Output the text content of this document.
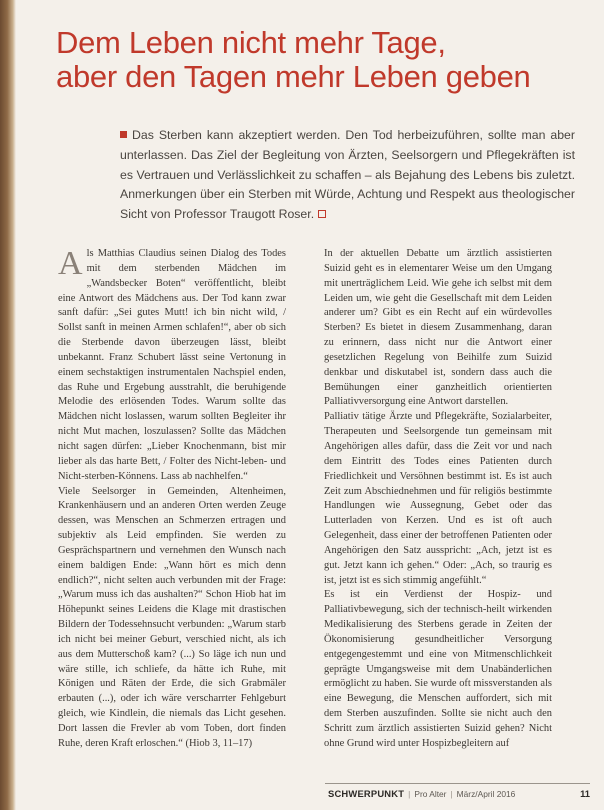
Dem Leben nicht mehr Tage,
aber den Tagen mehr Leben geben
Das Sterben kann akzeptiert werden. Den Tod herbeizuführen, sollte man aber unterlassen. Das Ziel der Begleitung von Ärzten, Seelsorgern und Pflegekräften ist es Vertrauen und Verlässlichkeit zu schaffen – als Bejahung des Lebens bis zuletzt. Anmerkungen über ein Sterben mit Würde, Achtung und Respekt aus theologischer Sicht von Professor Traugott Roser.
A ls Matthias Claudius seinen Dialog des Todes mit dem sterbenden Mädchen im „Wandsbecker Boten“ veröffentlicht, bleibt eine Antwort des Mädchens aus. Der Tod kann zwar sanft dafür: „Sei gutes Mutt! ich bin nicht wild, / Sollst sanft in meinen Armen schlafen!“, aber ob sich die Sterbende davon überzeugen lässt, bleibt unbekannt. Franz Schubert lässt seine Vertonung in einem sechstaktigen instrumentalen Nachspiel enden, das Ruhe und Ergebung ausstrahlt, die beruhigende Melodie des erlösenden Todes. Warum sollte das Mädchen nicht loslassen, warum sollten Begleiter ihr nicht Mut machen, loszulassen? Sollte das Mädchen nicht sagen dürfen: „Lieber Knochenmann, bist mir lieber als das harte Bett, / Folter des Nicht-leben- und Nicht-sterben-Könnens. Lass ab nachhelfen.“

Viele Seelsorger in Gemeinden, Altenheimen, Krankenhäusern und an anderen Orten werden Zeuge dessen, was Menschen an Schmerzen ertragen und subjektiv als Leid empfinden. Sie werden zu Gesprächspartnern und vernehmen den Wunsch nach einem baldigen Ende: „Wann hört es mich denn endlich?“, nicht selten auch verbunden mit der Frage: „Warum muss ich das aushalten?“ Schon Hiob hat im Höhepunkt seines Leidens die Klage mit drastischen Bildern der Todessehnsucht verbunden: „Warum starb ich nicht bei meiner Geburt, verschied nicht, als ich aus dem Mutterschoß kam? (...) So läge ich nun und wäre stille, ich schliefe, da hätte ich Ruhe, mit Königen und Räten der Erde, die sich Grabmäler erbauten (...), oder ich wäre verscharrter Fehlgeburt gleich, wie Kindlein, die niemals das Licht gesehen. Dort lassen die Frevler ab vom Toben, dort finden Ruhe, deren Kraft erloschen.“ (Hiob 3, 11–17)

In der aktuellen Debatte um ärztlich assistierten Suizid geht es in elementarer Weise um den Umgang mit unerträglichem Leid. Wie gehe ich selbst mit dem Leiden um, wie geht die Gesellschaft mit dem Leiden anderer um? Gibt es ein Recht auf ein würdevolles Sterben? Es bietet in diesem Zusammenhang, daran zu erinnern, dass nicht nur die Antwort einer gesetzlichen Regelung von Beihilfe zum Suizid denkbar und diskutabel ist, sondern dass auch die Bemühungen einer ganzheitlich orientierten Palliativversorgung eine Antwort darstellen.

Palliativ tätige Ärzte und Pflegekräfte, Sozialarbeiter, Therapeuten und Seelsorgende tun gemeinsam mit Angehörigen alles dafür, dass die Zeit vor und nach dem Eintritt des Todes eines Patienten durch Friedlichkeit und Versöhnen bestimmt ist. Es ist auch Zeit zum Abschiednehmen und für religiös bestimmte Handlungen wie Aussegnung, Gebet oder das Lutterladen von Kerzen. Und es ist oft auch Gelegenheit, dass einer der betroffenen Patienten oder Angehörigen den Satz ausspricht: „Ach, jetzt ist es gut. Jetzt kann ich gehen.“ Oder: „Ach, so traurig es ist, jetzt ist es sich stimmig angefühlt.“

Es ist ein Verdienst der Hospiz- und Palliativbewegung, sich der technisch-heilt wirkenden Medikalisierung des Sterbens gerade in Zeiten der Ökonomisierung gesundheitlicher Versorgung entgegengestemmt und eine von Mitmenschlichkeit geprägte Umgangsweise mit dem Unabänderlichen ermöglicht zu haben. Sie wurde oft missverstanden als eine Bewegung, die Menschen auffordert, sich mit dem Sterben auszufinden. Sollte sie nicht auch den Schritt zum ärztlich assistierten Suizid gehen? Nicht ohne Grund wird unter Hospizbegleitern auf

SCHWERPUNKT | Pro Alter | März/April 2016	11
